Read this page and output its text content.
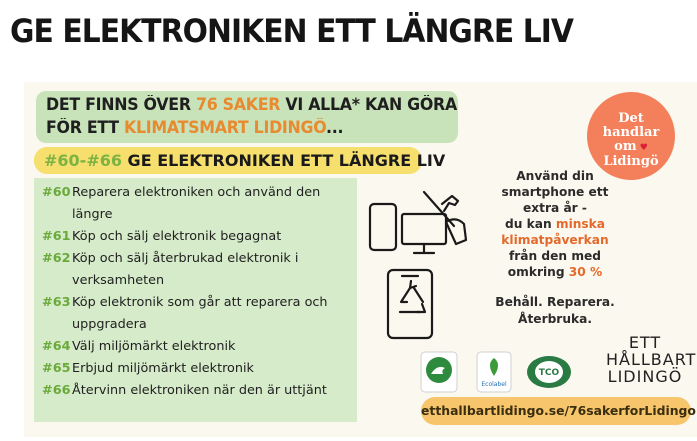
GE ELEKTRONIKEN ETT LÄNGRE LIV
DET FINNS ÖVER 76 SAKER VI ALLA* KAN GÖRA
FÖR ETT KLIMATSMART LIDINGÖ...
#60-#66 GE ELEKTRONIKEN ETT LÄNGRE LIV
#60 Reparera elektroniken och använd den längre
#61 Köp och sälj elektronik begagnat
#62 Köp och sälj återbrukad elektronik i verksamheten
#63 Köp elektronik som går att reparera och uppgradera
#64 Välj miljömärkt elektronik
#65 Erbjud miljömärkt elektronik
#66 Återvinn elektroniken när den är uttjänt
Använd din
smartphone ett
extra år -
du kan minska
klimatpåverkan
från den med
omkring 30 %
Behåll. Reparera.
Återbruka.
Det
handlar
om ♥
Lidingö
Ecolabel
TCO
ETT
HÅLLBART
LIDINGÖ
etthallbartlidingo.se/76sakerforLidingo
